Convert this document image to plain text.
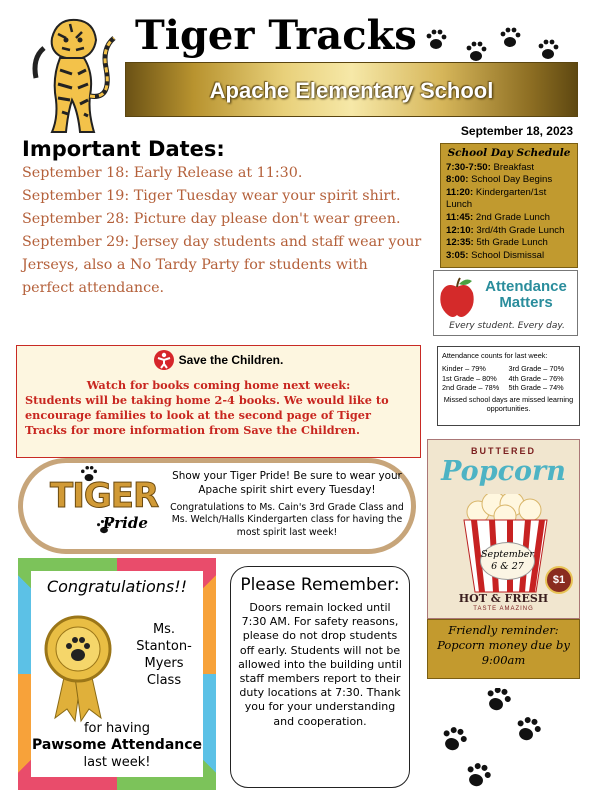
Tiger Tracks
Apache Elementary School
September 18, 2023
Important Dates:
September 18: Early Release at 11:30.
September 19: Tiger Tuesday wear your spirit shirt.
September 28: Picture day please don't wear green.
September 29: Jersey day students and staff wear your Jerseys, also a No Tardy Party for students with perfect attendance.
School Day Schedule
7:30-7:50: Breakfast
8:00: School Day Begins
11:20: Kindergarten/1st Lunch
11:45: 2nd Grade Lunch
12:10: 3rd/4th Grade Lunch
12:35: 5th Grade Lunch
3:05: School Dismissal
Attendance
Matters
Every student. Every day.
Attendance counts for last week:
Kinder – 79%	3rd Grade – 70%
1st Grade – 80%	4th Grade – 76%
2nd Grade – 78%	5th Grade – 74%
Missed school days are missed learning opportunities.
Save the Children.
Watch for books coming home next week:
Students will be taking home 2-4 books. We would like to encourage families to look at the second page of Tiger Tracks for more information from Save the Children.
TIGER
Pride
Show your Tiger Pride! Be sure to wear your Apache spirit shirt every Tuesday!
Congratulations to Ms. Cain's 3rd Grade Class and Ms. Welch/Halls Kindergarten class for having the most spirit last week!
Congratulations!!
Ms. Stanton-Myers Class
for having
Pawsome Attendance
last week!
Please Remember:
Doors remain locked until 7:30 AM. For safety reasons, please do not drop students off early. Students will not be allowed into the building until staff members report to their duty locations at 7:30. Thank you for your understanding and cooperation.
BUTTERED
Popcorn
September
6 & 27
$1
HOT & FRESH
TASTE AMAZING
Friendly reminder: Popcorn money due by 9:00am
